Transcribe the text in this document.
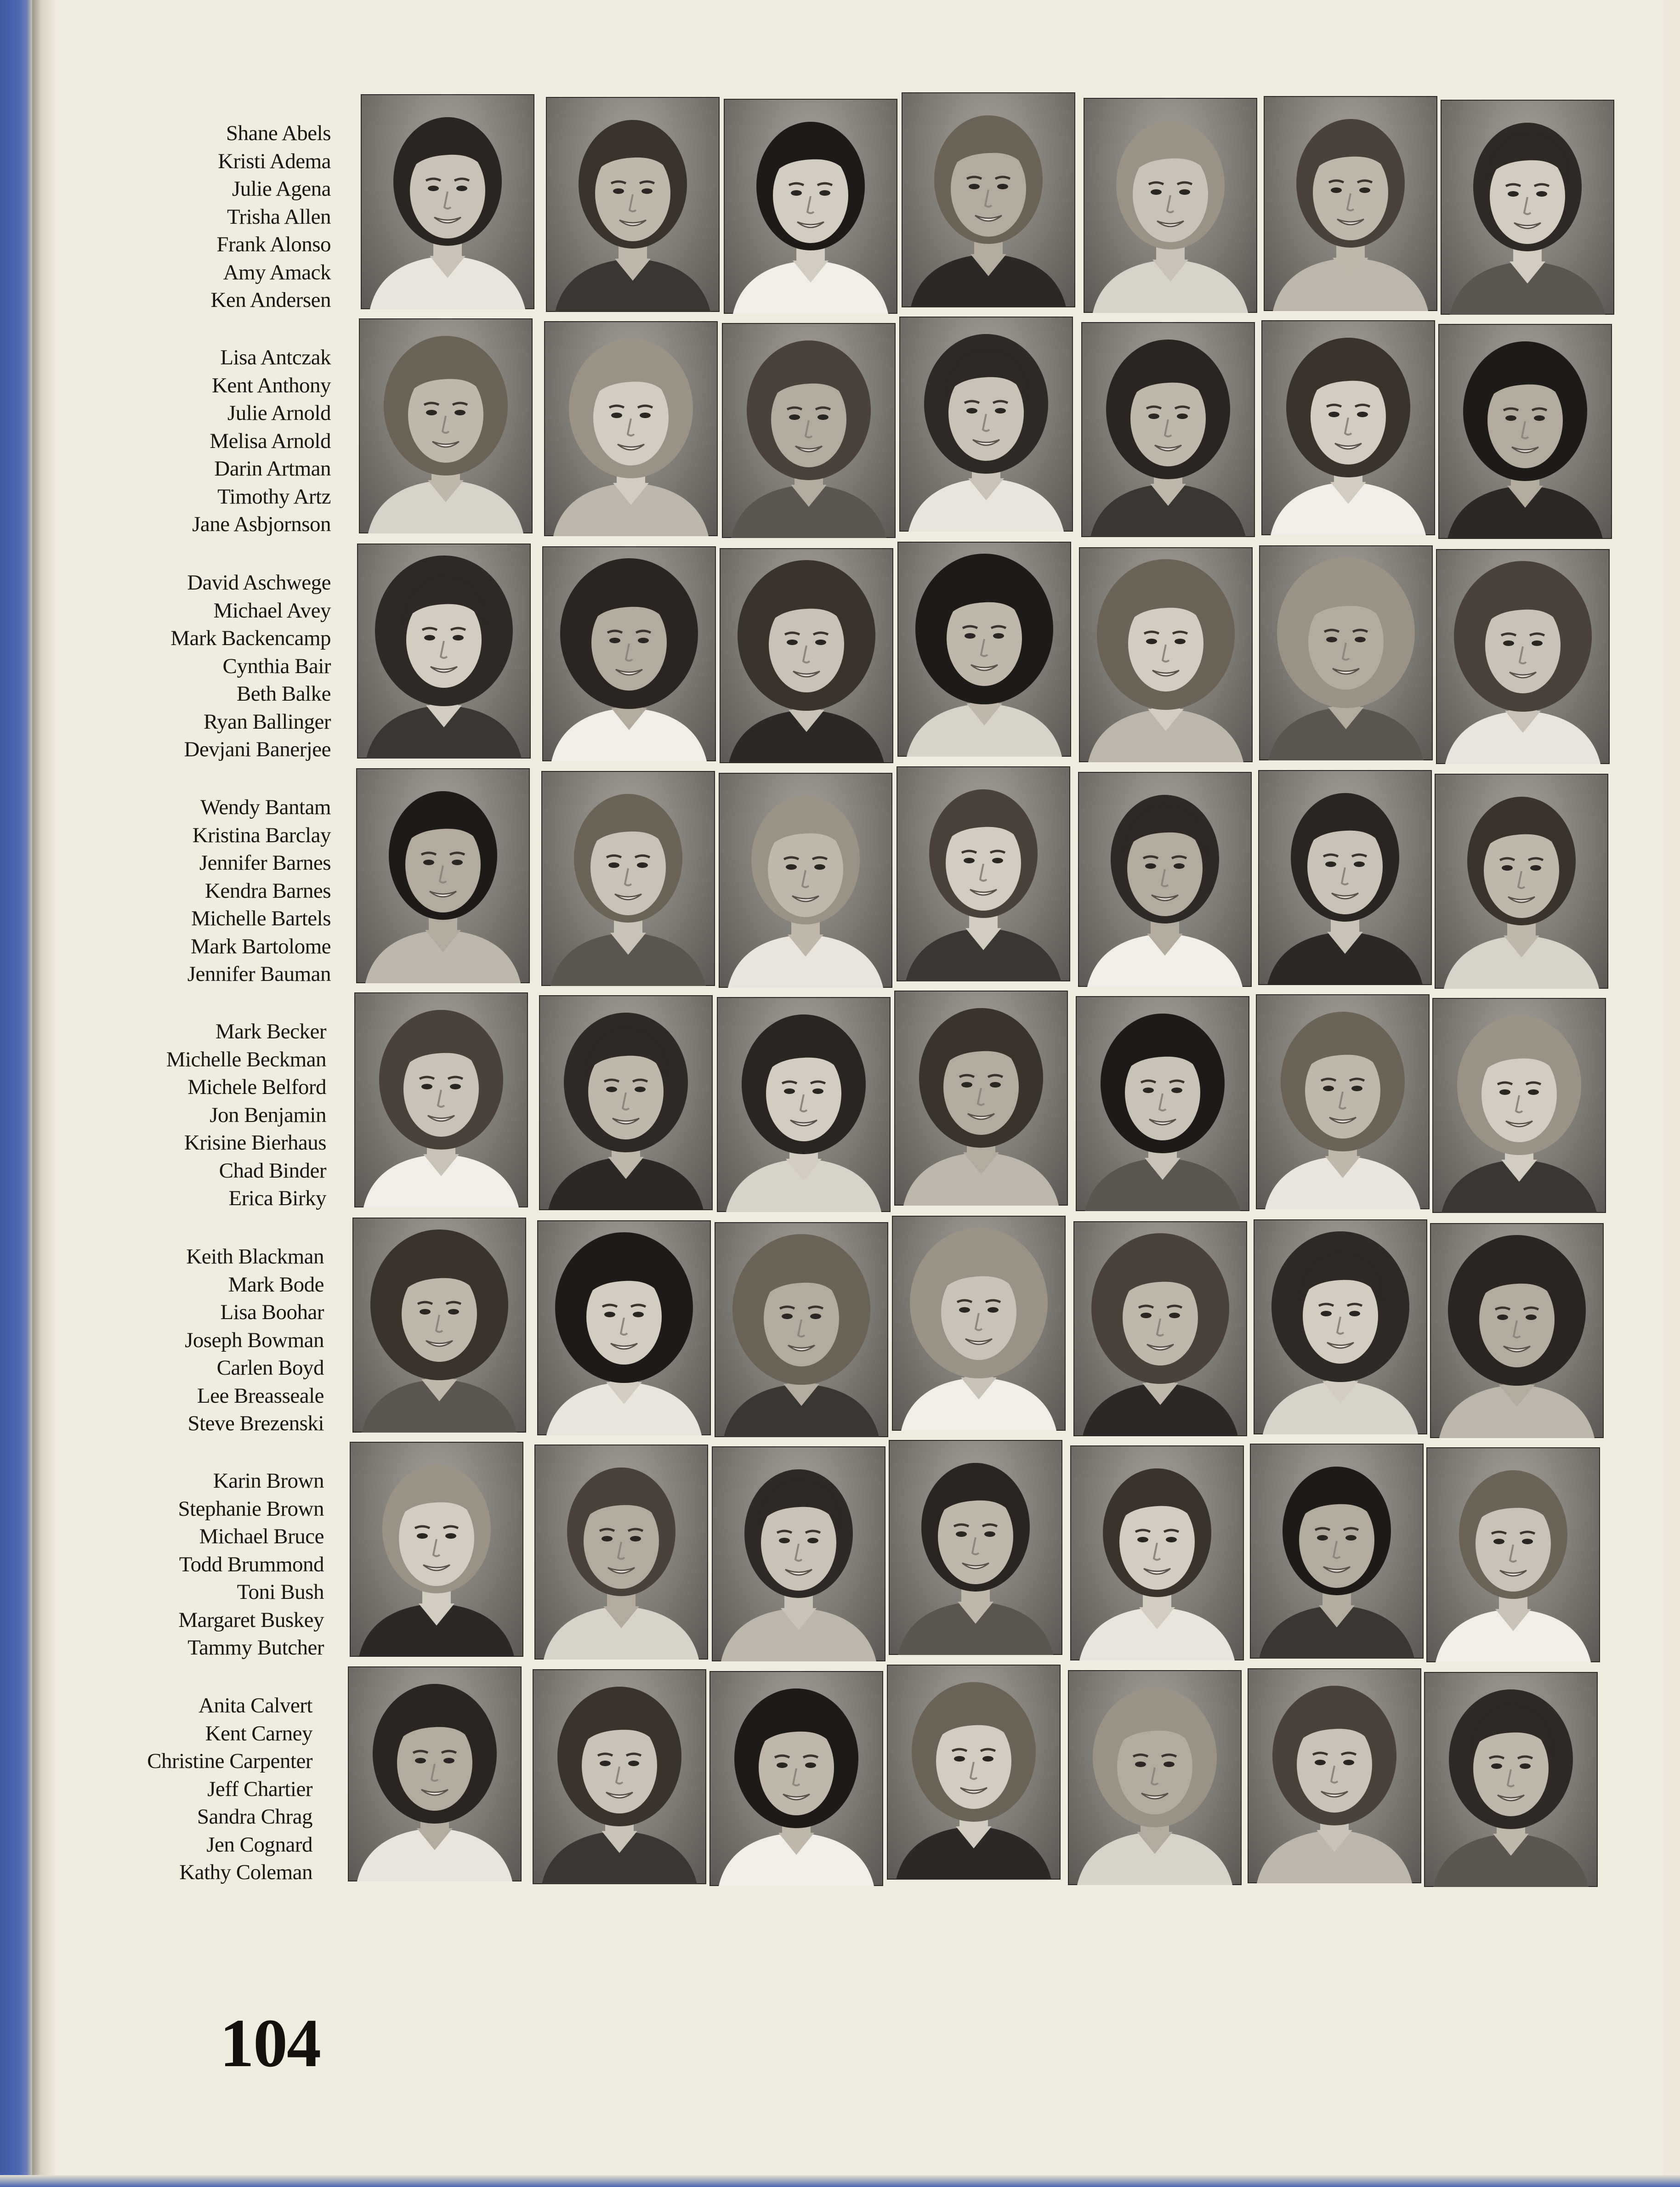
Shane Abels
Kristi Adema
Julie Agena
Trisha Allen
Frank Alonso
Amy Amack
Ken Andersen
Lisa Antczak
Kent Anthony
Julie Arnold
Melisa Arnold
Darin Artman
Timothy Artz
Jane Asbjornson
David Aschwege
Michael Avey
Mark Backencamp
Cynthia Bair
Beth Balke
Ryan Ballinger
Devjani Banerjee
Wendy Bantam
Kristina Barclay
Jennifer Barnes
Kendra Barnes
Michelle Bartels
Mark Bartolome
Jennifer Bauman
Mark Becker
Michelle Beckman
Michele Belford
Jon Benjamin
Krisine Bierhaus
Chad Binder
Erica Birky
Keith Blackman
Mark Bode
Lisa Boohar
Joseph Bowman
Carlen Boyd
Lee Breasseale
Steve Brezenski
Karin Brown
Stephanie Brown
Michael Bruce
Todd Brummond
Toni Bush
Margaret Buskey
Tammy Butcher
Anita Calvert
Kent Carney
Christine Carpenter
Jeff Chartier
Sandra Chrag
Jen Cognard
Kathy Coleman
104
